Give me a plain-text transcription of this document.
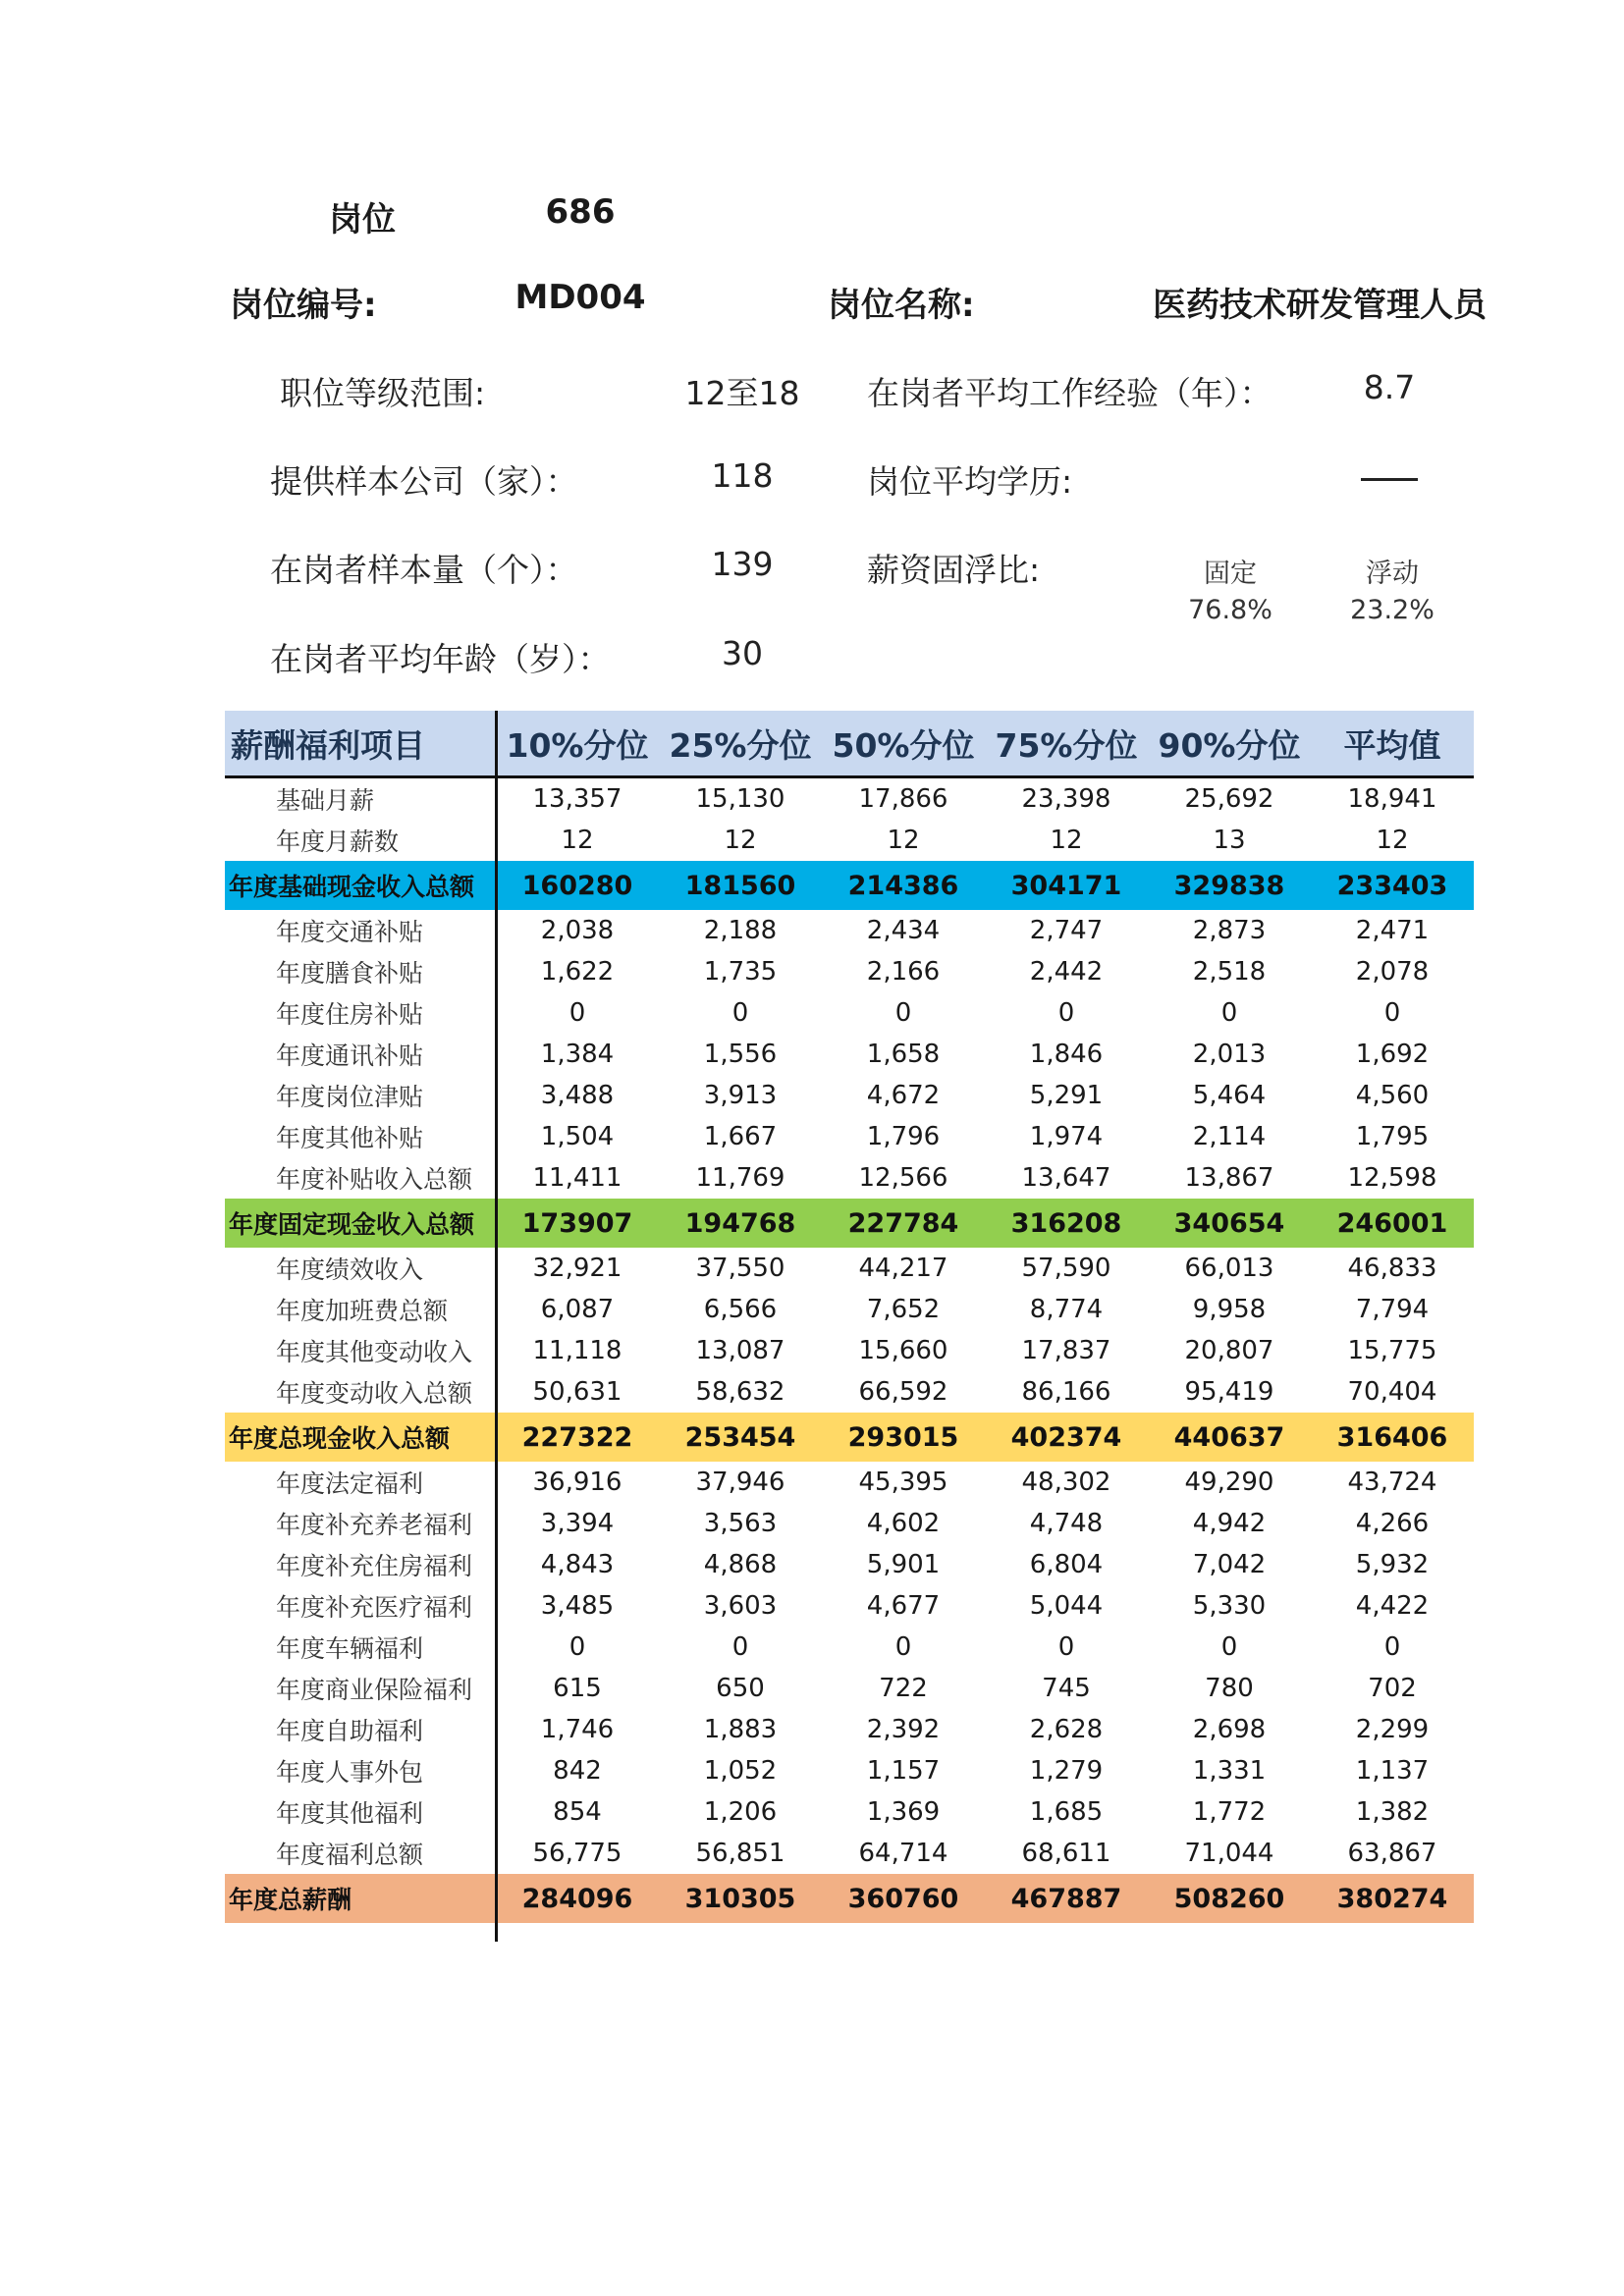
岗位	686
岗位编号:	MD004	岗位名称:	医药技术研发管理人员
职位等级范围:	12至18
提供样本公司（家）：	118
在岗者样本量（个）：	139
在岗者平均年龄（岁）：	30
在岗者平均工作经验（年）：	8.7
岗位平均学历:
薪资固浮比:	固定
76.8%
浮动
23.2%
薪酬福利项目	10%分位 25%分位 50%分位 75%分位 90%分位	平均值
基础月薪	13,357	15,130	17,866	23,398	25,692	18,941
年度月薪数	12	12	12	12	13	12
年度基础现金收入总额	160280	181560	214386	304171	329838	233403
年度交通补贴	2,038	2,188	2,434	2,747	2,873	2,471
年度膳食补贴	1,622	1,735	2,166	2,442	2,518	2,078
年度住房补贴	0	0	0	0	0	0
年度通讯补贴	1,384	1,556	1,658	1,846	2,013	1,692
年度岗位津贴	3,488	3,913	4,672	5,291	5,464	4,560
年度其他补贴	1,504	1,667	1,796	1,974	2,114	1,795
年度补贴收入总额	11,411	11,769	12,566	13,647	13,867	12,598
年度固定现金收入总额	173907	194768	227784	316208	340654	246001
年度绩效收入	32,921	37,550	44,217	57,590	66,013	46,833
年度加班费总额	6,087	6,566	7,652	8,774	9,958	7,794
年度其他变动收入	11,118	13,087	15,660	17,837	20,807	15,775
年度变动收入总额	50,631	58,632	66,592	86,166	95,419	70,404
年度总现金收入总额	227322	253454	293015	402374	440637	316406
年度法定福利	36,916	37,946	45,395	48,302	49,290	43,724
年度补充养老福利	3,394	3,563	4,602	4,748	4,942	4,266
年度补充住房福利	4,843	4,868	5,901	6,804	7,042	5,932
年度补充医疗福利	3,485	3,603	4,677	5,044	5,330	4,422
年度车辆福利	0	0	0	0	0	0
年度商业保险福利	615	650	722	745	780	702
年度自助福利	1,746	1,883	2,392	2,628	2,698	2,299
年度人事外包	842	1,052	1,157	1,279	1,331	1,137
年度其他福利	854	1,206	1,369	1,685	1,772	1,382
年度福利总额	56,775	56,851	64,714	68,611	71,044	63,867
年度总薪酬	284096	310305	360760	467887	508260	380274
